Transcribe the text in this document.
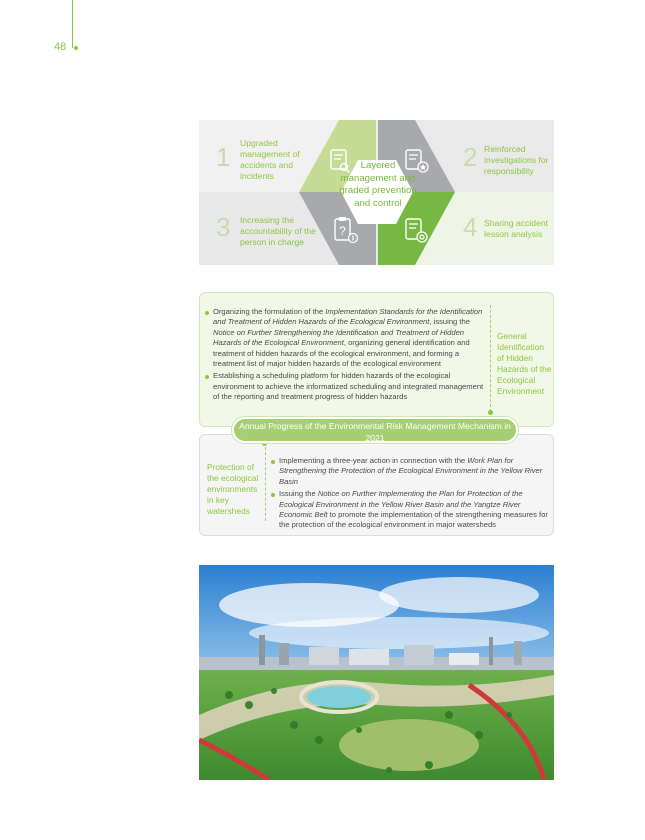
48
?
Layered management and graded prevention and control
1 Upgraded management of accidents and incidents
2 Reinforced investigations for responsibility
3 Increasing the accountability of the person in charge	4 Sharing accident lesson analysis

Organizing the formulation of the Implementation Standards for the Identification and Treatment of Hidden Hazards of the Ecological Environment, issuing the Notice on Further Strengthening the Identification and Treatment of Hidden Hazards of the Ecological Environment, organizing general identification and treatment of hidden hazards of the ecological environment, and forming a treatment list of major hidden hazards of the ecological environment

Establishing a scheduling platform for hidden hazards of the ecological environment to achieve the informatized scheduling and integrated management of the reporting and treatment progress of hidden hazards

General Identification of Hidden Hazards of the Ecological Environment
Protection of the ecological environments in key watersheds

Implementing a three-year action in connection with the Work Plan for Strengthening the Protection of the Ecological Environment in the Yellow River Basin

Issuing the Notice on Further Implementing the Plan for Protection of the Ecological Environment in the Yellow River Basin and the Yangtze River Economic Belt to promote the implementation of the strengthening measures for the protection of the ecological environment in major watersheds

Annual Progress of the Environmental Risk Management Mechanism in 2021
